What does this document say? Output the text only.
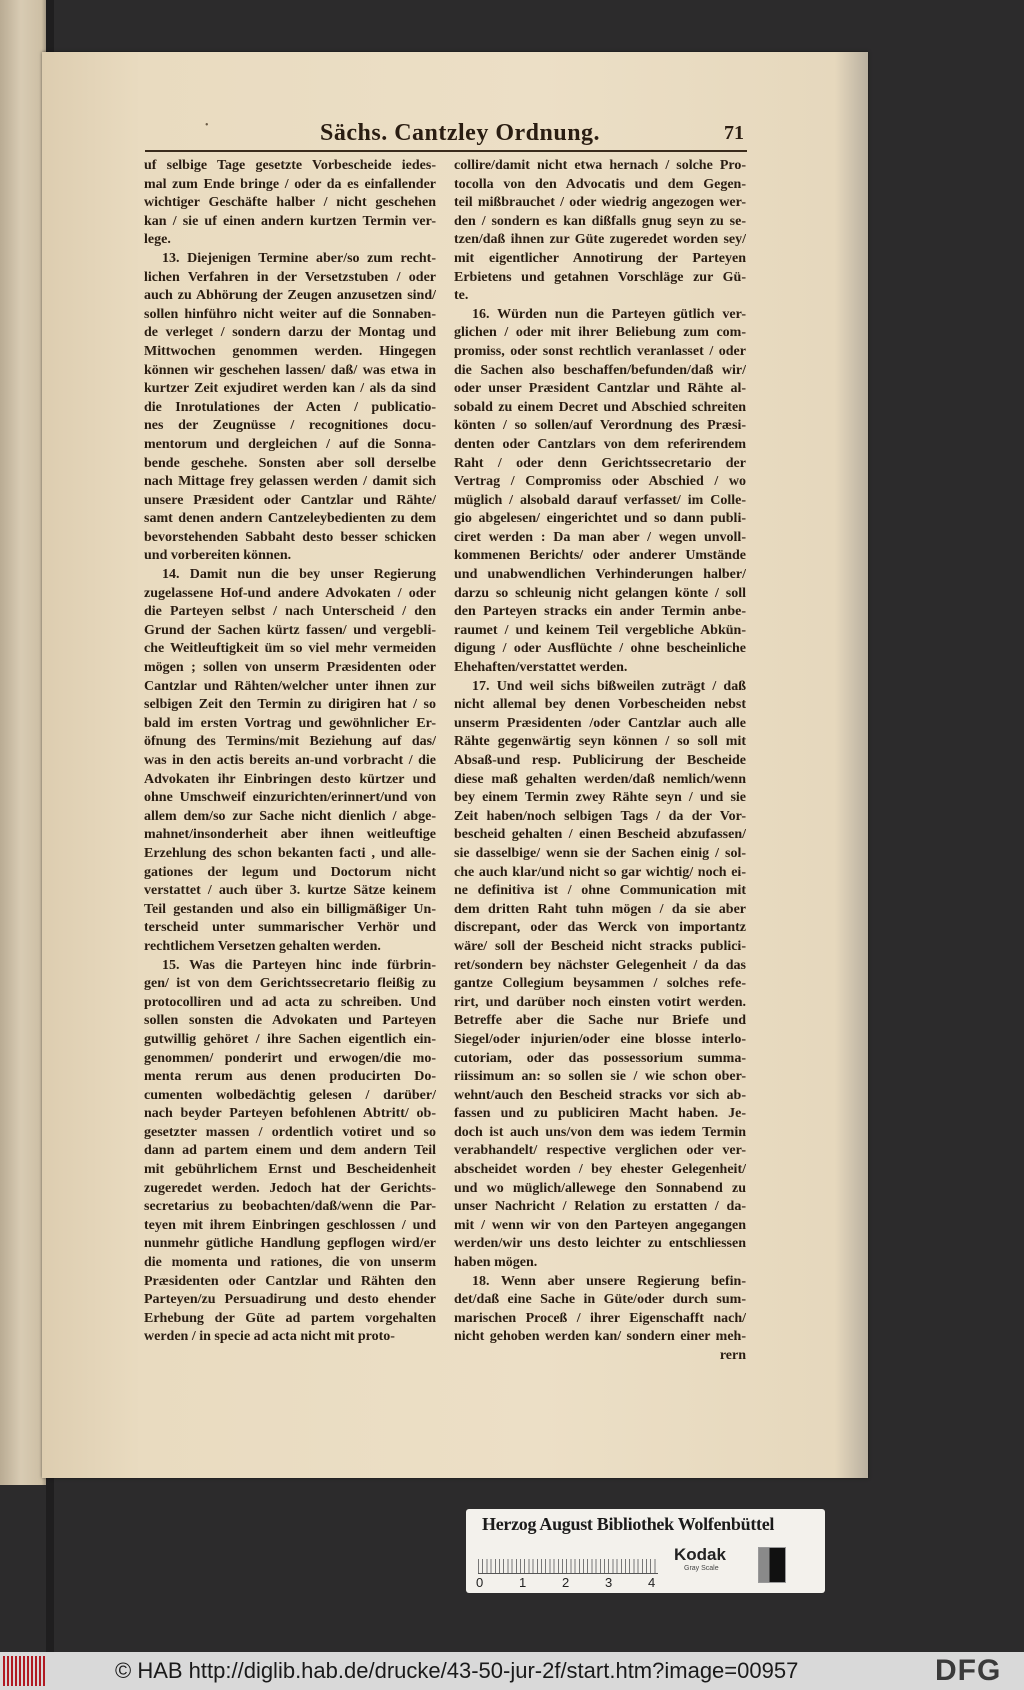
•	Sächs. Cantzley Ordnung.	71
uf selbige Tage gesetzte Vorbescheide iedes-
mal zum Ende bringe / oder da es einfallender
wichtiger Geschäfte halber / nicht geschehen
kan / sie uf einen andern kurtzen Termin ver-
lege.
13. Diejenigen Termine aber/so zum recht-
lichen Verfahren in der Versetzstuben / oder
auch zu Abhörung der Zeugen anzusetzen sind/
sollen hinführo nicht weiter auf die Sonnaben-
de verleget / sondern darzu der Montag und
Mittwochen genommen werden. Hingegen
können wir geschehen lassen/ daß/ was etwa in
kurtzer Zeit exjudiret werden kan / als da sind
die Inrotulationes der Acten / publicatio-
nes der Zeugnüsse / recognitiones docu-
mentorum und dergleichen / auf die Sonna-
bende geschehe. Sonsten aber soll derselbe
nach Mittage frey gelassen werden / damit sich
unsere Præsident oder Cantzlar und Rähte/
samt denen andern Cantzeleybedienten zu dem
bevorstehenden Sabbaht desto besser schicken
und vorbereiten können.
14. Damit nun die bey unser Regierung
zugelassene Hof-und andere Advokaten / oder
die Parteyen selbst / nach Unterscheid / den
Grund der Sachen kürtz fassen/ und vergebli-
che Weitleuftigkeit üm so viel mehr vermeiden
mögen ; sollen von unserm Præsidenten oder
Cantzlar und Rähten/welcher unter ihnen zur
selbigen Zeit den Termin zu dirigiren hat / so
bald im ersten Vortrag und gewöhnlicher Er-
öfnung des Termins/mit Beziehung auf das/
was in den actis bereits an-und vorbracht / die
Advokaten ihr Einbringen desto kürtzer und
ohne Umschweif einzurichten/erinnert/und von
allem dem/so zur Sache nicht dienlich / abge-
mahnet/insonderheit aber ihnen weitleuftige
Erzehlung des schon bekanten facti , und alle-
gationes der legum und Doctorum nicht
verstattet / auch über 3. kurtze Sätze keinem
Teil gestanden und also ein billigmäßiger Un-
terscheid unter summarischer Verhör und
rechtlichem Versetzen gehalten werden.
15. Was die Parteyen hinc inde fürbrin-
gen/ ist von dem Gerichtssecretario fleißig zu
protocolliren und ad acta zu schreiben. Und
sollen sonsten die Advokaten und Parteyen
gutwillig gehöret / ihre Sachen eigentlich ein-
genommen/ ponderirt und erwogen/die mo-
menta rerum aus denen producirten Do-
cumenten wolbedächtig gelesen / darüber/
nach beyder Parteyen befohlenen Abtritt/ ob-
gesetzter massen / ordentlich votiret und so
dann ad partem einem und dem andern Teil
mit gebührlichem Ernst und Bescheidenheit
zugeredet werden. Jedoch hat der Gerichts-
secretarius zu beobachten/daß/wenn die Par-
teyen mit ihrem Einbringen geschlossen / und
nunmehr gütliche Handlung gepflogen wird/er
die momenta und rationes, die von unserm
Præsidenten oder Cantzlar und Rähten den
Parteyen/zu Persuadirung und desto ehender
Erhebung der Güte ad partem vorgehalten
werden / in specie ad acta nicht mit proto-
collire/damit nicht etwa hernach / solche Pro-
tocolla von den Advocatis und dem Gegen-
teil mißbrauchet / oder wiedrig angezogen wer-
den / sondern es kan dißfalls gnug seyn zu se-
tzen/daß ihnen zur Güte zugeredet worden sey/
mit eigentlicher Annotirung der Parteyen
Erbietens und getahnen Vorschläge zur Gü-
te.
16. Würden nun die Parteyen gütlich ver-
glichen / oder mit ihrer Beliebung zum com-
promiss, oder sonst rechtlich veranlasset / oder
die Sachen also beschaffen/befunden/daß wir/
oder unser Præsident Cantzlar und Rähte al-
sobald zu einem Decret und Abschied schreiten
könten / so sollen/auf Verordnung des Præsi-
denten oder Cantzlars von dem referirendem
Raht / oder denn Gerichtssecretario der
Vertrag / Compromiss oder Abschied / wo
müglich / alsobald darauf verfasset/ im Colle-
gio abgelesen/ eingerichtet und so dann publi-
ciret werden : Da man aber / wegen unvoll-
kommenen Berichts/ oder anderer Umstände
und unabwendlichen Verhinderungen halber/
darzu so schleunig nicht gelangen könte / soll
den Parteyen stracks ein ander Termin anbe-
raumet / und keinem Teil vergebliche Abkün-
digung / oder Ausflüchte / ohne bescheinliche
Ehehaften/verstattet werden.
17. Und weil sichs bißweilen zuträgt / daß
nicht allemal bey denen Vorbescheiden nebst
unserm Præsidenten /oder Cantzlar auch alle
Rähte gegenwärtig seyn können / so soll mit
Absaß-und resp. Publicirung der Bescheide
diese maß gehalten werden/daß nemlich/wenn
bey einem Termin zwey Rähte seyn / und sie
Zeit haben/noch selbigen Tags / da der Vor-
bescheid gehalten / einen Bescheid abzufassen/
sie dasselbige/ wenn sie der Sachen einig / sol-
che auch klar/und nicht so gar wichtig/ noch ei-
ne definitiva ist / ohne Communication mit
dem dritten Raht tuhn mögen / da sie aber
discrepant, oder das Werck von importantz
wäre/ soll der Bescheid nicht stracks publici-
ret/sondern bey nächster Gelegenheit / da das
gantze Collegium beysammen / solches refe-
rirt, und darüber noch einsten votirt werden.
Betreffe aber die Sache nur Briefe und
Siegel/oder injurien/oder eine blosse interlo-
cutoriam, oder das possessorium summa-
riissimum an: so sollen sie / wie schon ober-
wehnt/auch den Bescheid stracks vor sich ab-
fassen und zu publiciren Macht haben. Je-
doch ist auch uns/von dem was iedem Termin
verabhandelt/ respective verglichen oder ver-
abscheidet worden / bey ehester Gelegenheit/
und wo müglich/allewege den Sonnabend zu
unser Nachricht / Relation zu erstatten / da-
mit / wenn wir von den Parteyen angegangen
werden/wir uns desto leichter zu entschliessen
haben mögen.
18. Wenn aber unsere Regierung befin-
det/daß eine Sache in Güte/oder durch sum-
marischen Proceß / ihrer Eigenschafft nach/
nicht gehoben werden kan/ sondern einer meh-
rern
Herzog August Bibliothek Wolfenbüttel
0	1	2	3	4
Kodak
Gray Scale
© HAB http://diglib.hab.de/drucke/43-50-jur-2f/start.htm?image=00957	DFG
